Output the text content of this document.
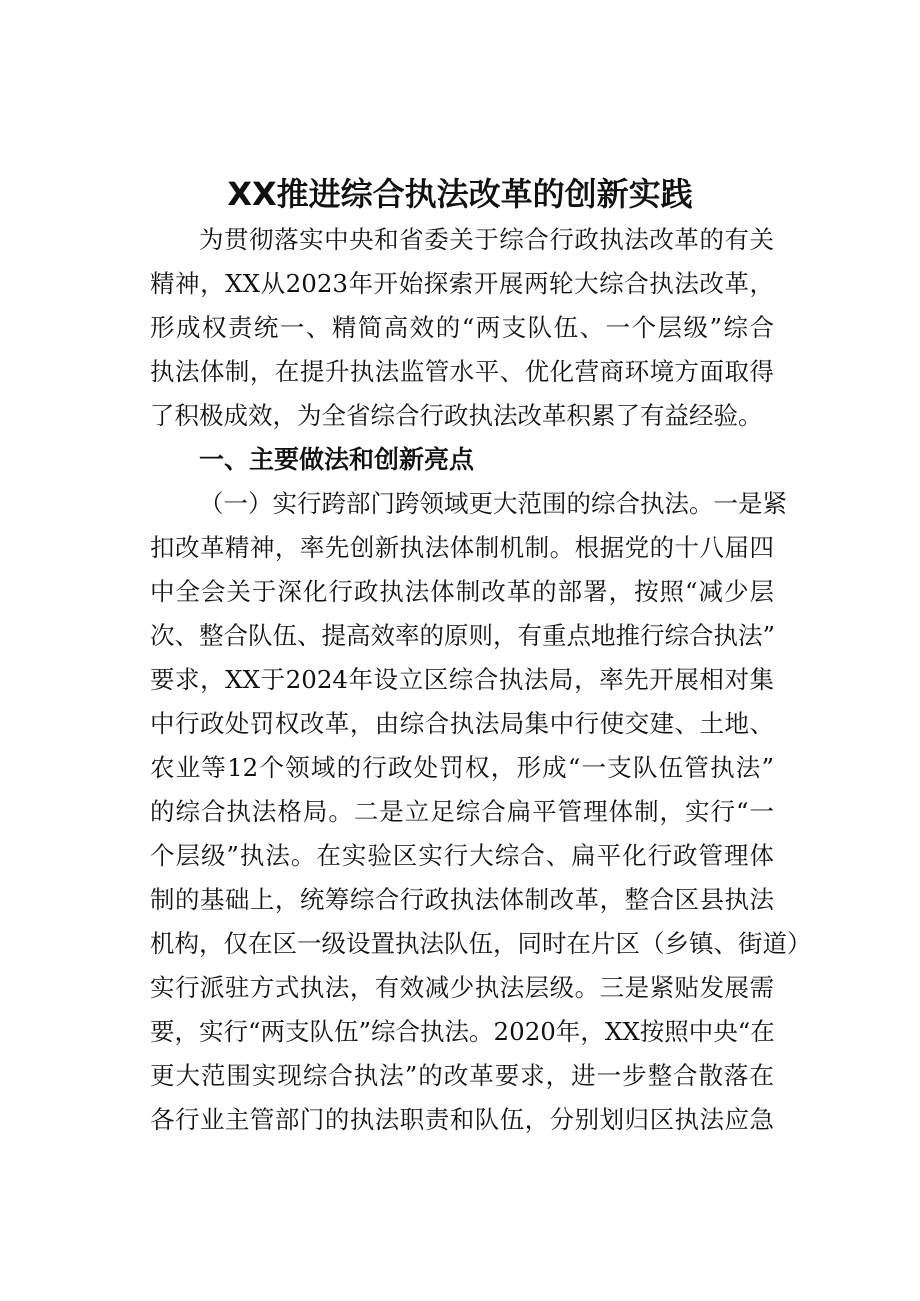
XX推进综合执法改革的创新实践

为贯彻落实中央和省委关于综合行政执法改革的有关

精神，XX从2023年开始探索开展两轮大综合执法改革，

形成权责统一、精简高效的“两支队伍、一个层级”综合

执法体制，在提升执法监管水平、优化营商环境方面取得

了积极成效，为全省综合行政执法改革积累了有益经验。

一、主要做法和创新亮点

（一）实行跨部门跨领域更大范围的综合执法。一是紧

扣改革精神，率先创新执法体制机制。根据党的十八届四

中全会关于深化行政执法体制改革的部署，按照“减少层

次、整合队伍、提高效率的原则，有重点地推行综合执法”

要求，XX于2024年设立区综合执法局，率先开展相对集

中行政处罚权改革，由综合执法局集中行使交建、土地、

农业等12个领域的行政处罚权，形成“一支队伍管执法”

的综合执法格局。二是立足综合扁平管理体制，实行“一

个层级”执法。在实验区实行大综合、扁平化行政管理体

制的基础上，统筹综合行政执法体制改革，整合区县执法

机构，仅在区一级设置执法队伍，同时在片区（乡镇、街道）

实行派驻方式执法，有效减少执法层级。三是紧贴发展需

要，实行“两支队伍”综合执法。2020年，XX按照中央“在

更大范围实现综合执法”的改革要求，进一步整合散落在

各行业主管部门的执法职责和队伍，分别划归区执法应急
